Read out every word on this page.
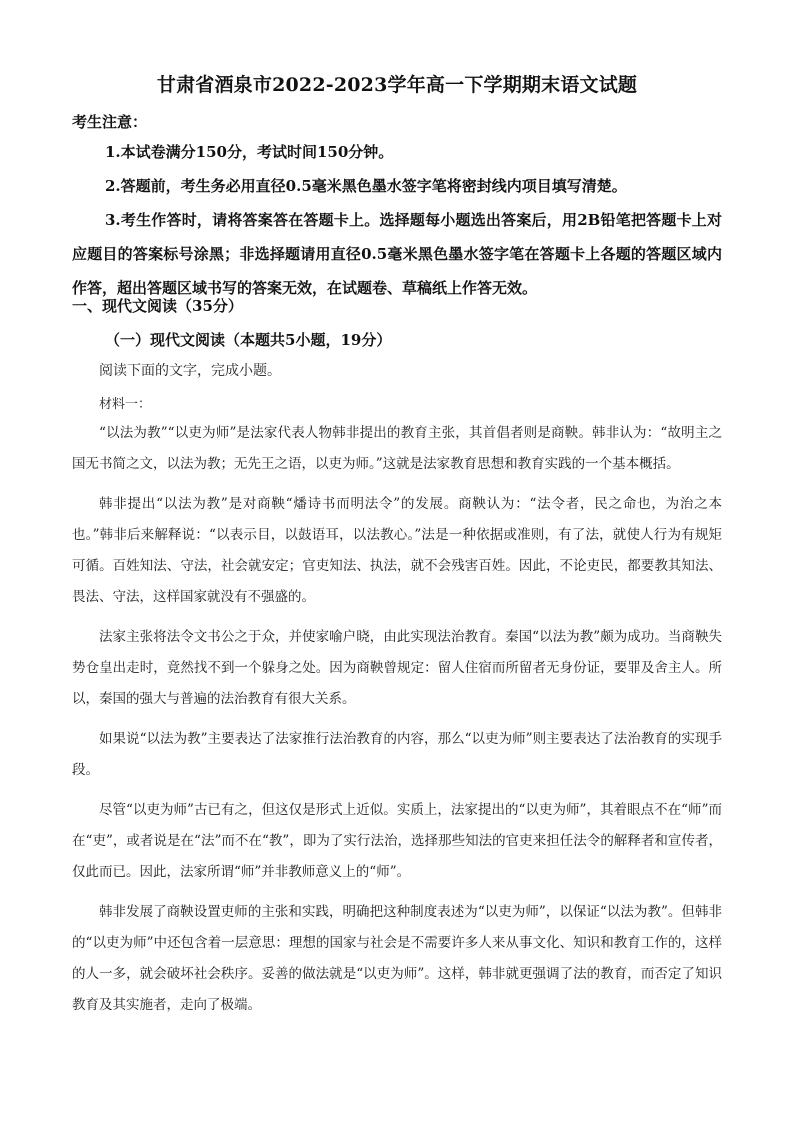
甘肃省酒泉市2022-2023学年高一下学期期末语文试题
考生注意：
1.本试卷满分150分，考试时间150分钟。
2.答题前，考生务必用直径0.5毫米黑色墨水签字笔将密封线内项目填写清楚。
3.考生作答时，请将答案答在答题卡上。选择题每小题选出答案后，用2B铅笔把答题卡上对应题目的答案标号涂黑；非选择题请用直径0.5毫米黑色墨水签字笔在答题卡上各题的答题区域内作答，超出答题区域书写的答案无效，在试题卷、草稿纸上作答无效。
一、现代文阅读（35分）
（一）现代文阅读（本题共5小题，19分）
阅读下面的文字，完成小题。
材料一：

“以法为教”“以吏为师”是法家代表人物韩非提出的教育主张，其首倡者则是商鞅。韩非认为：“故明主之国无书简之文，以法为教；无先王之语，以吏为师。”这就是法家教育思想和教育实践的一个基本概括。

韩非提出“以法为教”是对商鞅“燔诗书而明法令”的发展。商鞅认为：“法令者，民之命也，为治之本也。”韩非后来解释说：“以表示目，以鼓语耳，以法教心。”法是一种依据或准则，有了法，就使人行为有规矩可循。百姓知法、守法，社会就安定；官吏知法、执法，就不会残害百姓。因此，不论吏民，都要教其知法、畏法、守法，这样国家就没有不强盛的。

法家主张将法令文书公之于众，并使家喻户晓，由此实现法治教育。秦国“以法为教”颇为成功。当商鞅失势仓皇出走时，竟然找不到一个躲身之处。因为商鞅曾规定：留人住宿而所留者无身份证，要罪及舍主人。所以，秦国的强大与普遍的法治教育有很大关系。

如果说“以法为教”主要表达了法家推行法治教育的内容，那么“以吏为师”则主要表达了法治教育的实现手段。

尽管“以吏为师”古已有之，但这仅是形式上近似。实质上，法家提出的“以吏为师”，其着眼点不在“师”而在“吏”，或者说是在“法”而不在“教”，即为了实行法治，选择那些知法的官吏来担任法令的解释者和宣传者，仅此而已。因此，法家所谓“师”并非教师意义上的“师”。

韩非发展了商鞅设置吏师的主张和实践，明确把这种制度表述为“以吏为师”，以保证“以法为教”。但韩非的“以吏为师”中还包含着一层意思：理想的国家与社会是不需要许多人来从事文化、知识和教育工作的，这样的人一多，就会破坏社会秩序。妥善的做法就是“以吏为师”。这样，韩非就更强调了法的教育，而否定了知识教育及其实施者，走向了极端。
